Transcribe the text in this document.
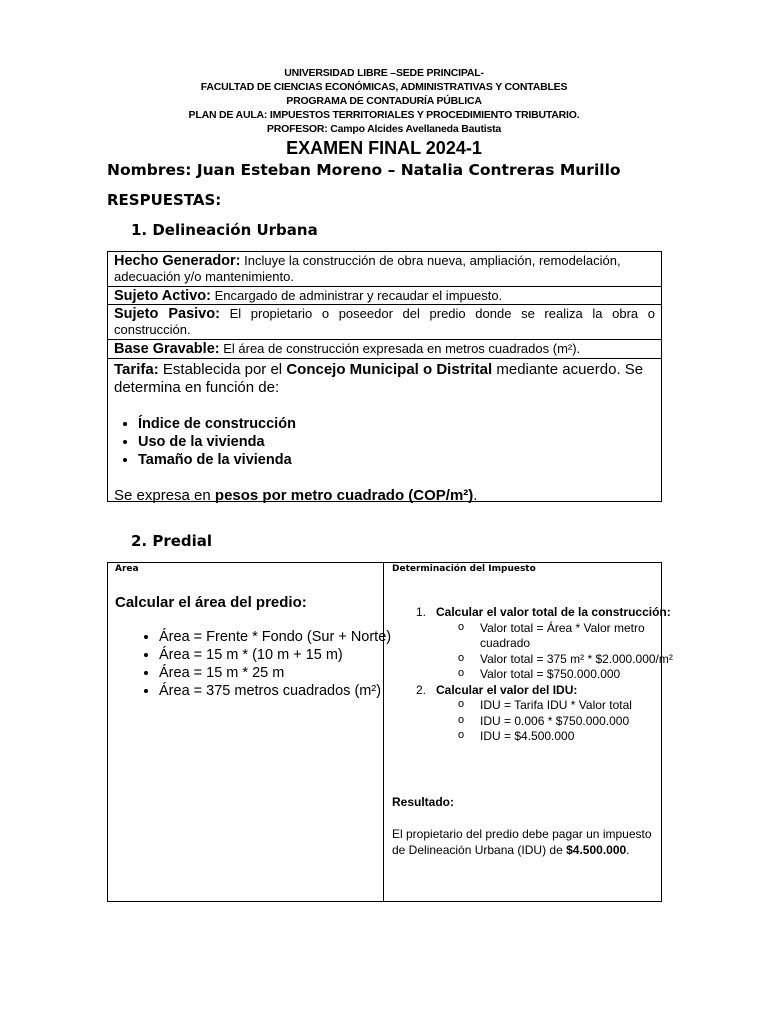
UNIVERSIDAD LIBRE –SEDE PRINCIPAL-
FACULTAD DE CIENCIAS ECONÓMICAS, ADMINISTRATIVAS Y CONTABLES
PROGRAMA DE CONTADURÍA PÚBLICA
PLAN DE AULA: IMPUESTOS TERRITORIALES Y PROCEDIMIENTO TRIBUTARIO.
PROFESOR: Campo Alcides Avellaneda Bautista
EXAMEN FINAL 2024-1
Nombres: Juan Esteban Moreno – Natalia Contreras Murillo
RESPUESTAS:
1. Delineación Urbana
Hecho Generador: Incluye la construcción de obra nueva, ampliación, remodelación, adecuación y/o mantenimiento.
Sujeto Activo: Encargado de administrar y recaudar el impuesto.
Sujeto Pasivo: El propietario o poseedor del predio donde se realiza la obra o construcción.
Base Gravable: El área de construcción expresada en metros cuadrados (m²).
Tarifa: Establecida por el Concejo Municipal o Distrital mediante acuerdo. Se determina en función de:
• Índice de construcción
• Uso de la vivienda
• Tamaño de la vivienda
Se expresa en pesos por metro cuadrado (COP/m²).
2. Predial
Area
Calcular el área del predio:
• Área = Frente * Fondo (Sur + Norte)
• Área = 15 m * (10 m + 15 m)
• Área = 15 m * 25 m
• Área = 375 metros cuadrados (m²)
Determinación del Impuesto
1. Calcular el valor total de la construcción:
o Valor total = Área * Valor metro cuadrado
o Valor total = 375 m² * $2.000.000/m²
o Valor total = $750.000.000
2. Calcular el valor del IDU:
o IDU = Tarifa IDU * Valor total
o IDU = 0.006 * $750.000.000
o IDU = $4.500.000
Resultado:
El propietario del predio debe pagar un impuesto de Delineación Urbana (IDU) de $4.500.000.
